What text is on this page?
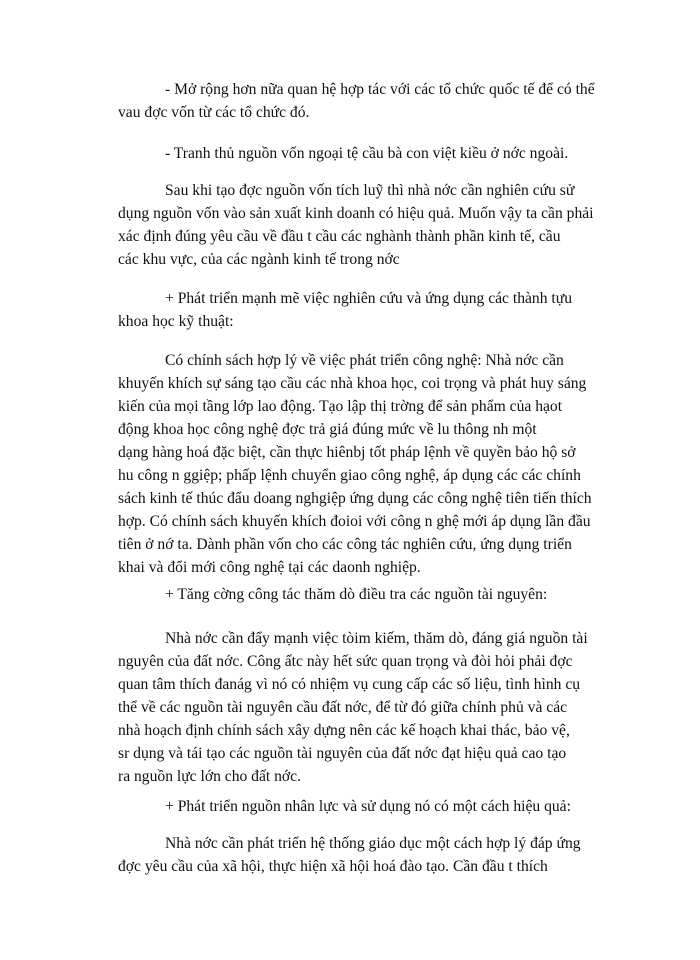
- Mở rộng hơn nữa quan hệ hợp tác với các tổ chức quốc tế để có thể
vau đợc vốn từ các tổ chức đó.

- Tranh thủ nguồn vốn ngoại tệ cầu bà con việt kiều ở nớc ngoài.

Sau khi tạo đợc nguồn vốn tích luỹ thì nhà nớc cần nghiên cứu sử
dụng nguồn vốn vào sản xuất kinh doanh có hiệu quả. Muốn vậy ta cần phải
xác định đúng yêu cầu về đầu t cầu các nghành thành phần kinh tế, cầu
các khu vực, của các ngành kinh tế trong nớc

+ Phát triển mạnh mẽ việc nghiên cứu và ứng dụng các thành tựu
khoa học kỹ thuật:

Có chính sách hợp lý về việc phát triển công nghệ: Nhà nớc cần
khuyến khích sự sáng tạo cầu các nhà khoa học, coi trọng và phát huy sáng
kiến của mọi tầng lớp lao động. Tạo lập thị trờng để sản phẩm của hạot
động khoa học công nghệ đợc trả giá đúng mức về lu thông nh một
dạng hàng hoá đặc biệt, cần thực hiênbj tốt pháp lệnh về quyền bảo hộ sở
hu công n ggiệp; phấp lệnh chuyển giao công nghệ, áp dụng các các chính
sách kinh tế thúc đẩu doang nghgiệp ứng dụng các công nghệ tiên tiến thích
hợp. Có chính sách khuyến khích đoioi với công n ghệ mới áp dụng lần đầu
tiên ở nớ ta. Dành phần vốn cho các công tác nghiên cứu, ứng dụng triển
khai và đổi mới công nghệ tại các daonh nghiệp.

+ Tăng cờng công tác thăm dò điều tra các nguồn tài nguyên:

Nhà nớc cần đẩy mạnh việc tòim kiếm, thăm dò, đáng giá nguồn tài
nguyên của đất nớc. Công ấtc này hết sức quan trọng và đòi hỏi phải đợc
quan tâm thích đanág vì nó có nhiệm vụ cung cấp các số liệu, tình hình cụ
thể về các nguồn tài nguyên cầu đất nớc, để từ đó giữa chính phủ và các
nhà hoạch định chính sách xây dựng nên các kế hoạch khai thác, bảo vệ,
sr dụng và tái tạo các nguồn tài nguyên của đất nớc đạt hiệu quả cao tạo
ra nguồn lực lớn cho đất nớc.

+ Phát triển nguồn nhân lực và sử dụng nó có một cách hiệu quả:

Nhà nớc cần phát triển hệ thống giáo dục một cách hợp lý đáp ứng
đợc yêu cầu của xã hội, thực hiện xã hội hoá đào tạo. Cần đầu t thích
